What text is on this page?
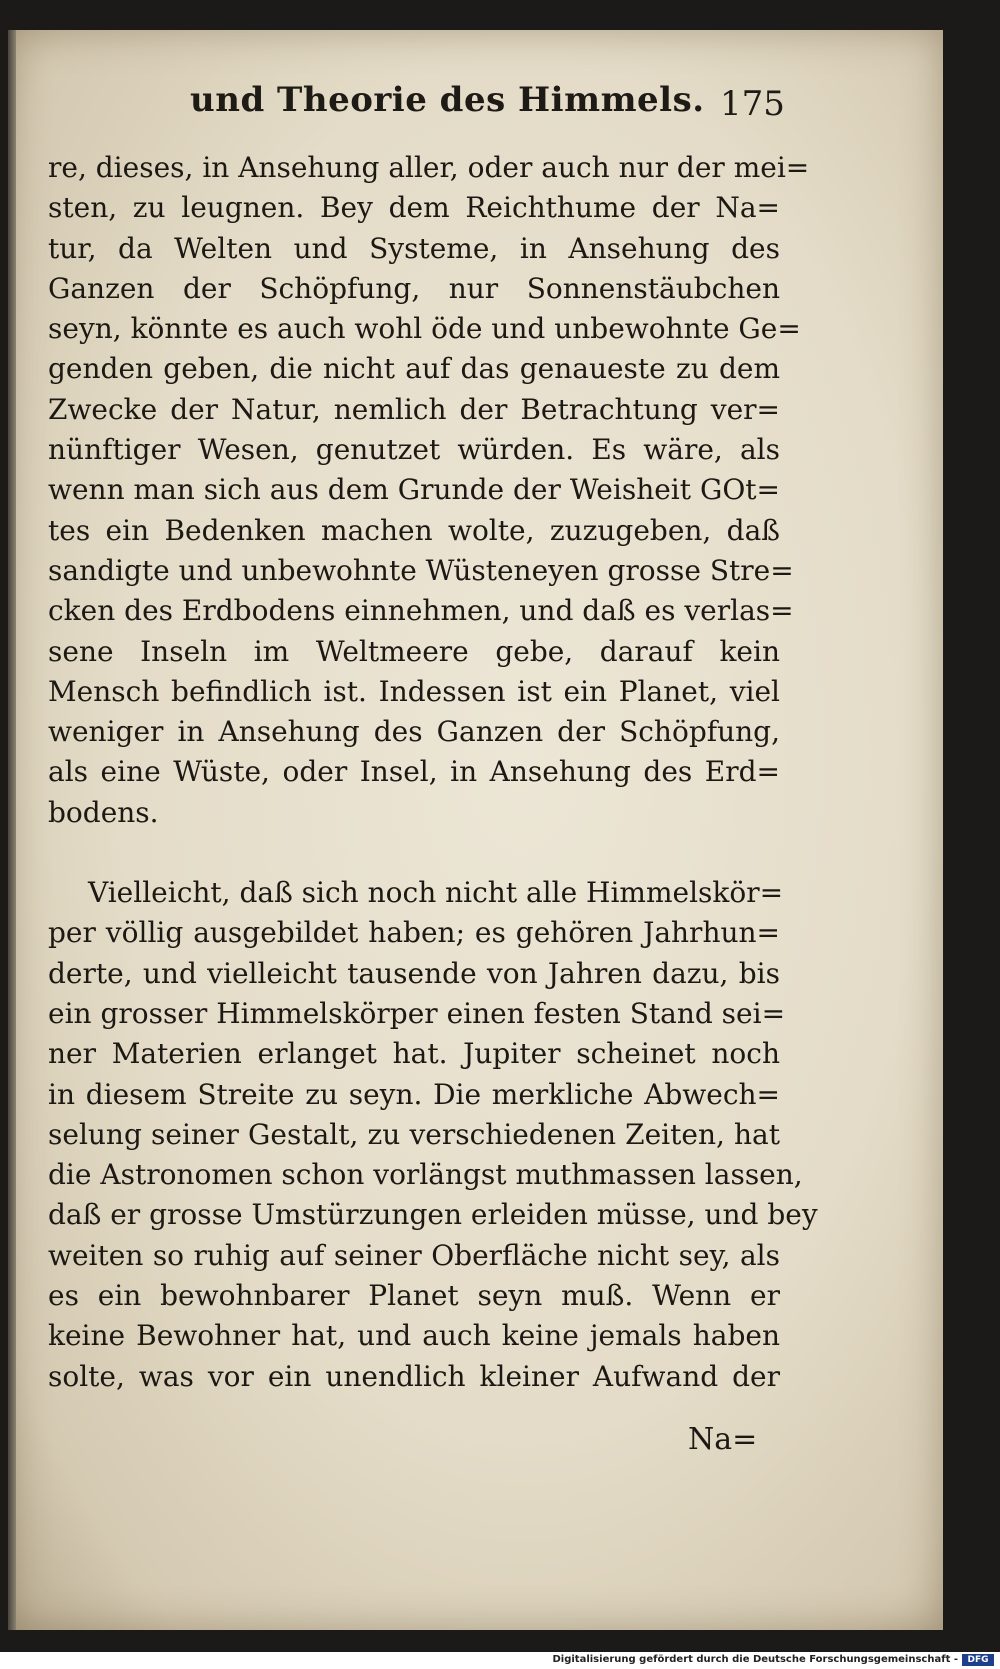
und Theorie des Himmels. 175
re, dieses, in Ansehung aller, oder auch nur der mei=
sten, zu leugnen. Bey dem Reichthume der Na=
tur, da Welten und Systeme, in Ansehung des
Ganzen der Schöpfung, nur Sonnenstäubchen
seyn, könnte es auch wohl öde und unbewohnte Ge=
genden geben, die nicht auf das genaueste zu dem
Zwecke der Natur, nemlich der Betrachtung ver=
nünftiger Wesen, genutzet würden. Es wäre, als
wenn man sich aus dem Grunde der Weisheit GOt=
tes ein Bedenken machen wolte, zuzugeben, daß
sandigte und unbewohnte Wüsteneyen grosse Stre=
cken des Erdbodens einnehmen, und daß es verlas=
sene Inseln im Weltmeere gebe, darauf kein
Mensch befindlich ist. Indessen ist ein Planet, viel
weniger in Ansehung des Ganzen der Schöpfung,
als eine Wüste, oder Insel, in Ansehung des Erd=
bodens.
Vielleicht, daß sich noch nicht alle Himmelskör=
per völlig ausgebildet haben; es gehören Jahrhun=
derte, und vielleicht tausende von Jahren dazu, bis
ein grosser Himmelskörper einen festen Stand sei=
ner Materien erlanget hat. Jupiter scheinet noch
in diesem Streite zu seyn. Die merkliche Abwech=
selung seiner Gestalt, zu verschiedenen Zeiten, hat
die Astronomen schon vorlängst muthmassen lassen,
daß er grosse Umstürzungen erleiden müsse, und bey
weiten so ruhig auf seiner Oberfläche nicht sey, als
es ein bewohnbarer Planet seyn muß. Wenn er
keine Bewohner hat, und auch keine jemals haben
solte, was vor ein unendlich kleiner Aufwand der
Na=
Digitalisierung gefördert durch die Deutsche Forschungsgemeinschaft -	DFG
